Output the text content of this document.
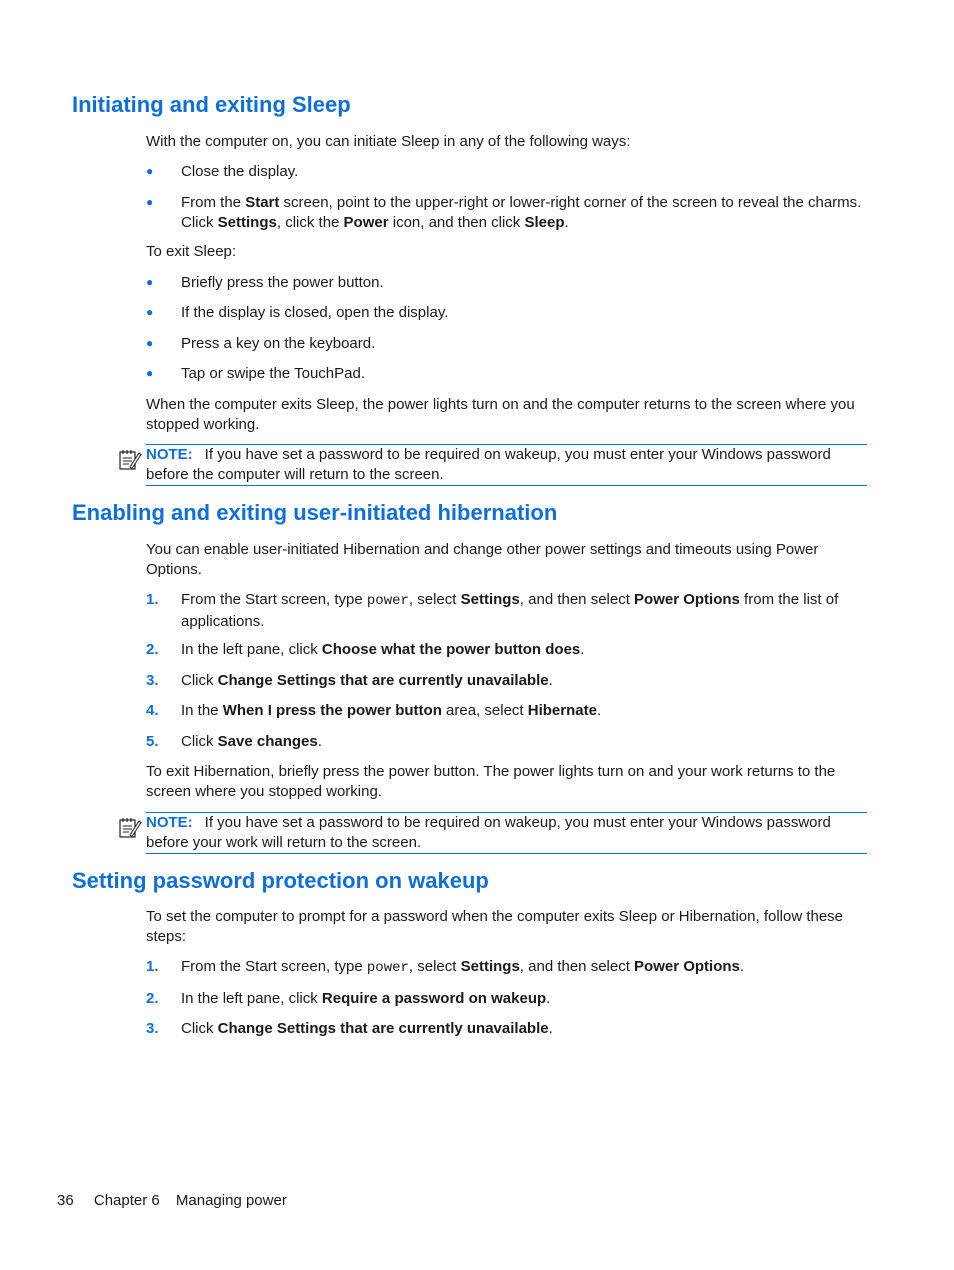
Initiating and exiting Sleep

With the computer on, you can initiate Sleep in any of the following ways:

● Close the display.
● From the Start screen, point to the upper-right or lower-right corner of the screen to reveal the charms. Click Settings, click the Power icon, and then click Sleep.

To exit Sleep:

● Briefly press the power button.
● If the display is closed, open the display.
● Press a key on the keyboard.
● Tap or swipe the TouchPad.

When the computer exits Sleep, the power lights turn on and the computer returns to the screen where you stopped working.

NOTE: If you have set a password to be required on wakeup, you must enter your Windows password before the computer will return to the screen.
Enabling and exiting user-initiated hibernation

You can enable user-initiated Hibernation and change other power settings and timeouts using Power Options.

1. From the Start screen, type power, select Settings, and then select Power Options from the list of applications.
2. In the left pane, click Choose what the power button does.
3. Click Change Settings that are currently unavailable.
4. In the When I press the power button area, select Hibernate.
5. Click Save changes.

To exit Hibernation, briefly press the power button. The power lights turn on and your work returns to the screen where you stopped working.

NOTE: If you have set a password to be required on wakeup, you must enter your Windows password before your work will return to the screen.
Setting password protection on wakeup

To set the computer to prompt for a password when the computer exits Sleep or Hibernation, follow these steps:

1. From the Start screen, type power, select Settings, and then select Power Options.
2. In the left pane, click Require a password on wakeup.
3. Click Change Settings that are currently unavailable.
36 Chapter 6 Managing power
